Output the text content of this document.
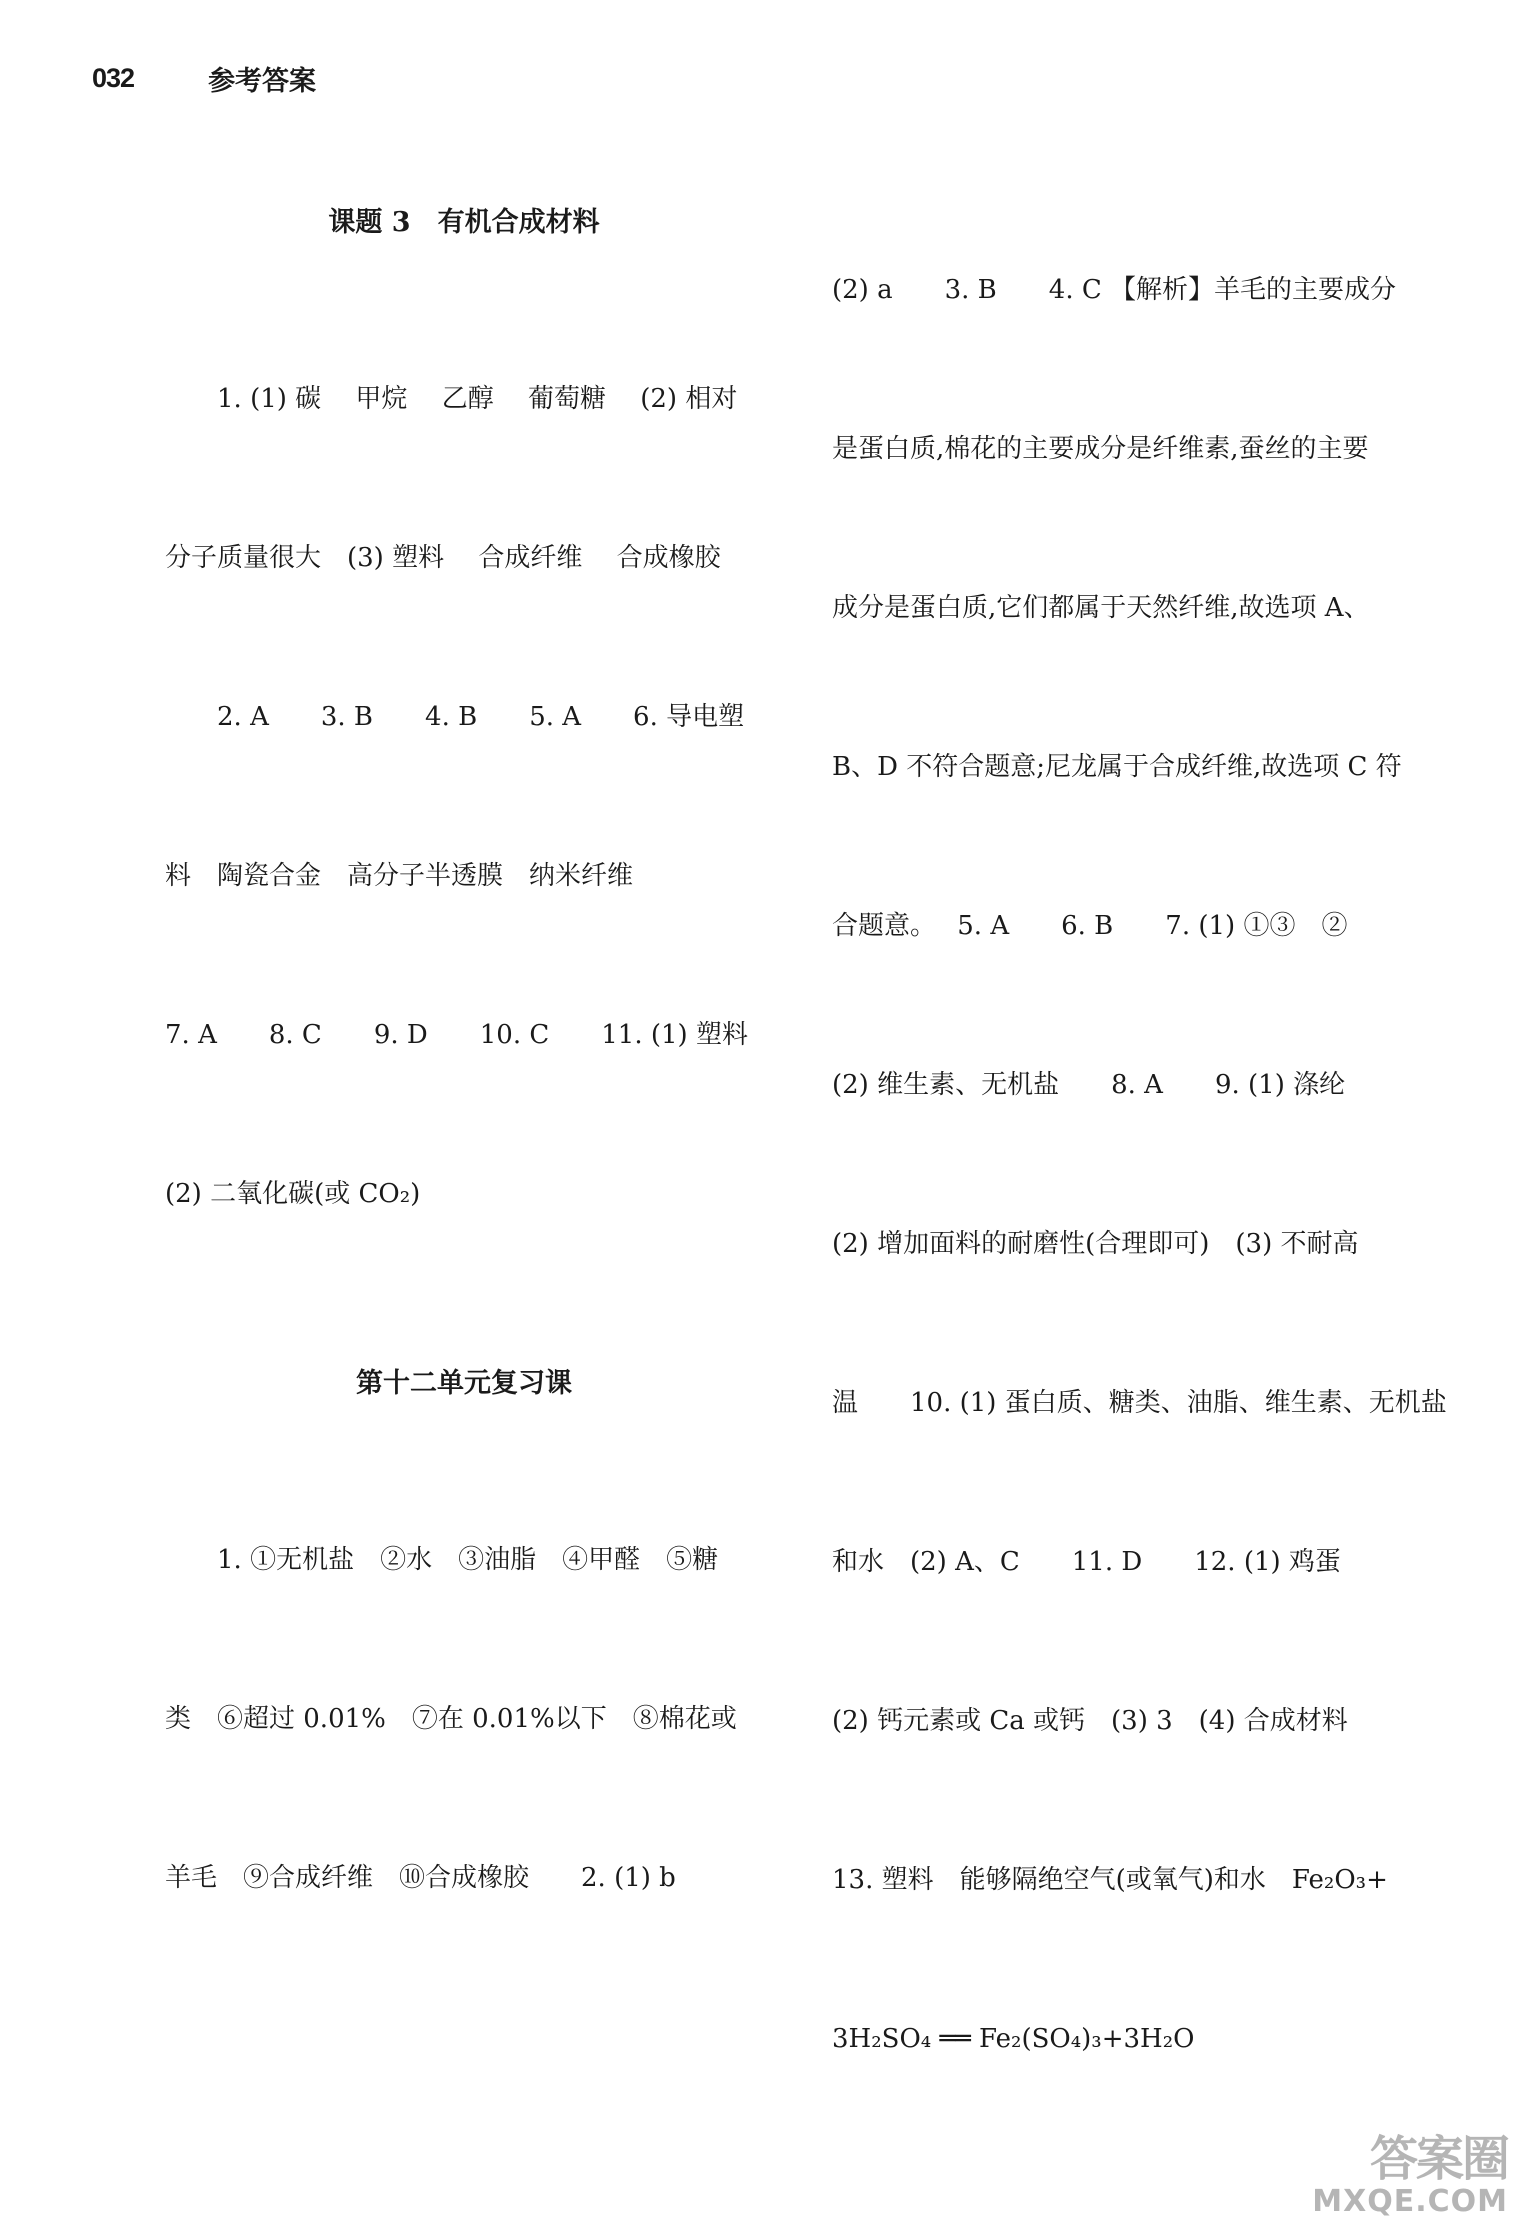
032	参考答案
课题 3　有机合成材料

1. (1) 碳　 甲烷　 乙醇　 葡萄糖　 (2) 相对

分子质量很大　(3) 塑料　 合成纤维　 合成橡胶

2. A　　3. B　　4. B　　5. A　　6. 导电塑

料　陶瓷合金　高分子半透膜　纳米纤维

7. A　　8. C　　9. D　　10. C　　11. (1) 塑料

(2) 二氧化碳(或 CO₂)

第十二单元复习课

1. ①无机盐　②水　③油脂　④甲醛　⑤糖

类　⑥超过 0.01%　⑦在 0.01%以下　⑧棉花或

羊毛　⑨合成纤维　⑩合成橡胶　　2. (1) b

(2) a　　3. B　　4. C 【解析】羊毛的主要成分

是蛋白质,棉花的主要成分是纤维素,蚕丝的主要

成分是蛋白质,它们都属于天然纤维,故选项 A、

B、D 不符合题意;尼龙属于合成纤维,故选项 C 符

合题意。　 5. A　　6. B　　7. (1) ①③　②

(2) 维生素、无机盐　　8. A　　9. (1) 涤纶

(2) 增加面料的耐磨性(合理即可)　(3) 不耐高

温　　10. (1) 蛋白质、糖类、油脂、维生素、无机盐

和水　(2) A、C　　11. D　　12. (1) 鸡蛋

(2) 钙元素或 Ca 或钙　(3) 3　(4) 合成材料

13. 塑料　能够隔绝空气(或氧气)和水　Fe₂O₃+

3H₂SO₄ ══ Fe₂(SO₄)₃+3H₂O

答案圈
MXQE.COM
